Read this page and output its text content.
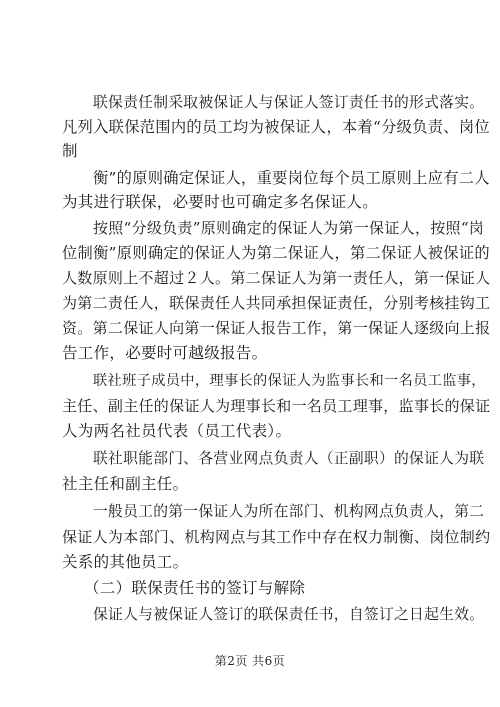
联保责任制采取被保证人与保证人签订责任书的形式落实。
凡列入联保范围内的员工均为被保证人，本着“分级负责、岗位
制
衡”的原则确定保证人，重要岗位每个员工原则上应有二人
为其进行联保，必要时也可确定多名保证人。
按照“分级负责”原则确定的保证人为第一保证人，按照“岗
位制衡”原则确定的保证人为第二保证人，第二保证人被保证的
人数原则上不超过２人。第二保证人为第一责任人，第一保证人
为第二责任人，联保责任人共同承担保证责任，分别考核挂钩工
资。第二保证人向第一保证人报告工作，第一保证人逐级向上报
告工作，必要时可越级报告。
联社班子成员中，理事长的保证人为监事长和一名员工监事，
主任、副主任的保证人为理事长和一名员工理事，监事长的保证
人为两名社员代表（员工代表）。
联社职能部门、各营业网点负责人（正副职）的保证人为联
社主任和副主任。
一般员工的第一保证人为所在部门、机构网点负责人，第二
保证人为本部门、机构网点与其工作中存在权力制衡、岗位制约
关系的其他员工。
（二）联保责任书的签订与解除
保证人与被保证人签订的联保责任书，自签订之日起生效。
第2页 共6页
